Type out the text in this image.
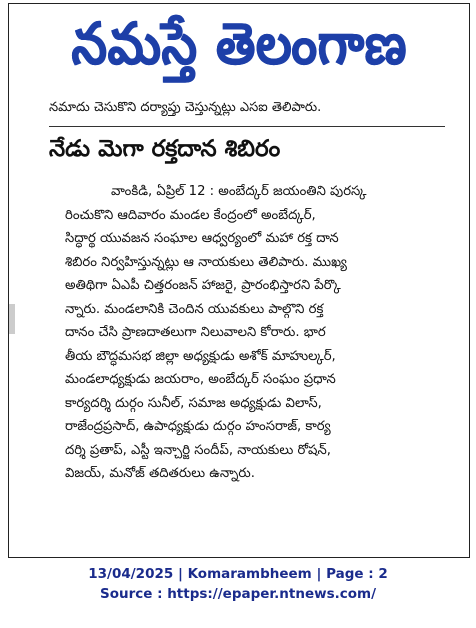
నమస్తే తెలంగాణ
నమాదు చెసుకొని దర్యాప్తు చెస్తున్నట్లు ఎసఐ తెలిపారు.
నేడు మెగా రక్తదాన శిబిరం
వాంకిడి, ఏప్రిల్ 12 : అంబేద్కర్ జయంతిని పురస్క
రించుకొని ఆదివారం మండల కేంద్రంలో అంబేద్కర్,
సిద్ధార్థ యువజన సంఘాల ఆధ్వర్యంలో మహా రక్త దాన
శిబిరం నిర్వహిస్తున్నట్లు ఆ నాయకులు తెలిపారు. ముఖ్య
అతిథిగా ఏఎపీ చిత్తరంజన్ హాజరై, ప్రారంభిస్తారని పేర్కొ
న్నారు. మండలానికి చెందిన యువకులు పాల్గొని రక్త
దానం చేసి ప్రాణదాతలుగా నిలువాలని కోరారు. భార
తీయ బౌద్ధమసభ జిల్లా అధ్యక్షుడు అశోక్ మాహుల్కర్,
మండలాధ్యక్షుడు జయరాం, అంబేద్కర్ సంఘం ప్రధాన
కార్యదర్శి దుర్గం సునీల్, సమాజ అధ్యక్షుడు విలాస్,
రాజేంద్రప్రసాద్, ఉపాధ్యక్షుడు దుర్గం హంసరాజ్, కార్య
దర్శి ప్రతాప్, ఎస్టీ ఇన్చార్జి సందీప్, నాయకులు రోషన్,
విజయ్, మనోజ్ తదితరులు ఉన్నారు.
13/04/2025 | Komarambheem | Page : 2
Source : https://epaper.ntnews.com/
